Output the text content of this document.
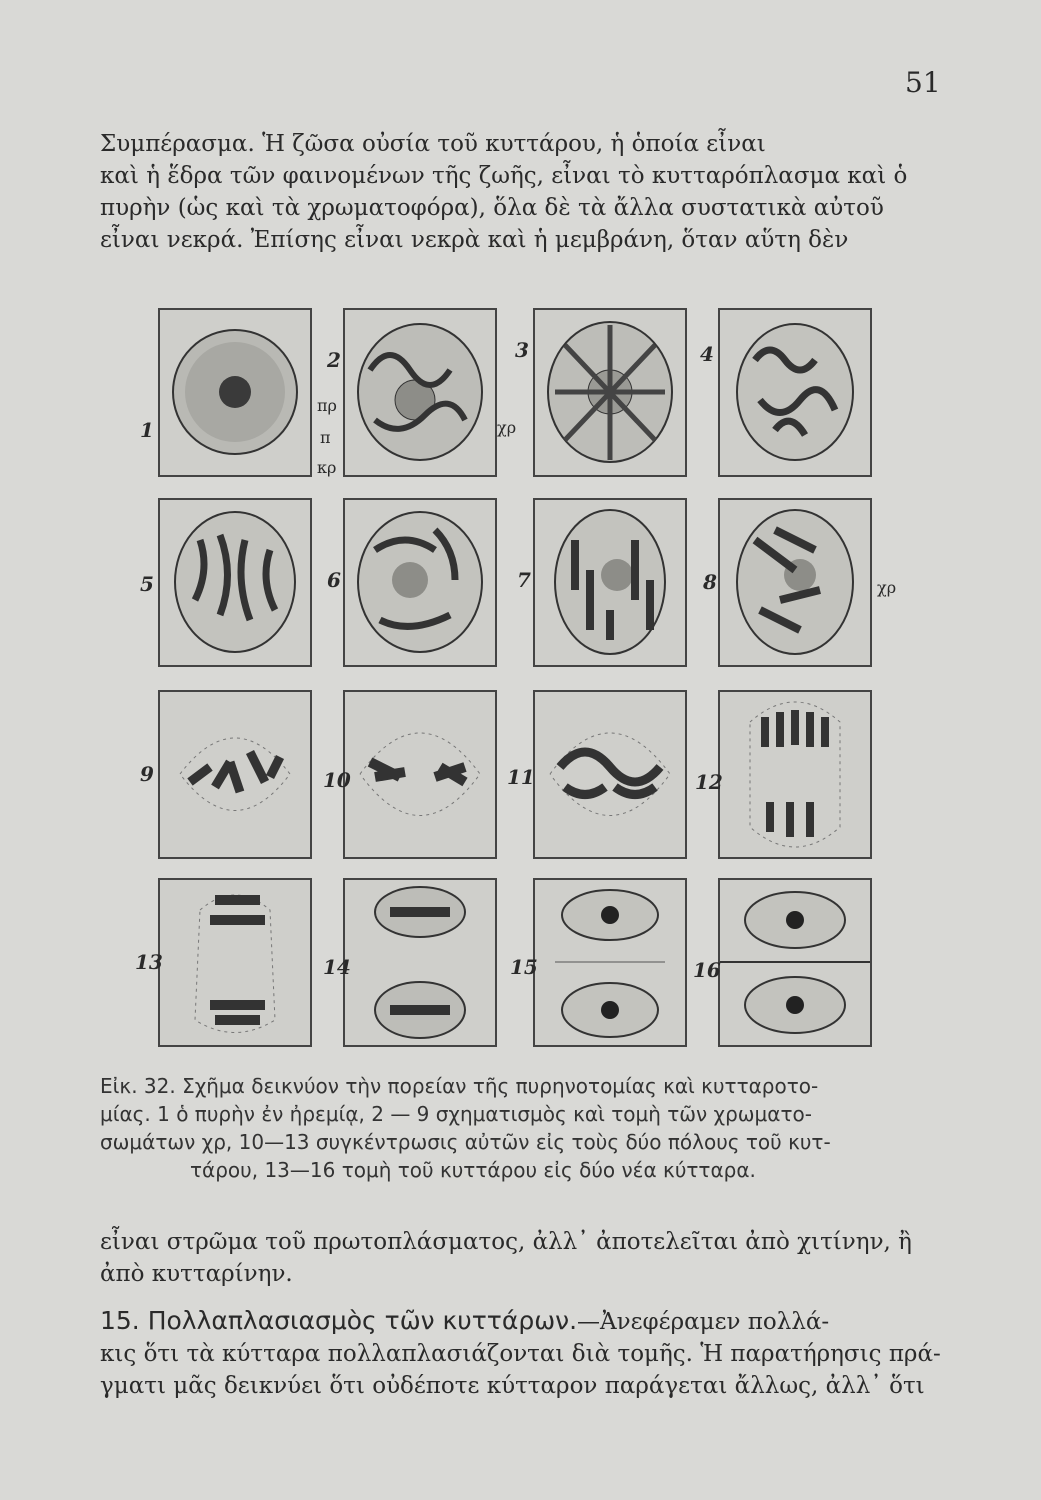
51
Συμπέρασμα. Ἡ ζῶσα οὐσία τοῦ κυττάρου, ἡ ὁποία εἶναι
καὶ ἡ ἕδρα τῶν φαινομένων τῆς ζωῆς, εἶναι τὸ κυτταρόπλασμα καὶ ὁ
πυρὴν (ὡς καὶ τὰ χρωματοφόρα), ὅλα δὲ τὰ ἄλλα συστατικὰ αὐτοῦ
εἶναι νεκρά. Ἐπίσης εἶναι νεκρὰ καὶ ἡ μεμβράνη, ὅταν αὕτη δὲν
1
2	3	4
5	6	7	8
9	10	11	12
13	14	15	16
πρ
π
κρ
χρ
χρ
Εἰκ. 32. Σχῆμα δεικνύον τὴν πορείαν τῆς πυρηνοτομίας καὶ κυτταροτο-
μίας. 1 ὁ πυρὴν ἐν ἠρεμίᾳ, 2 — 9 σχηματισμὸς καὶ τομὴ τῶν χρωματο-
σωμάτων χρ, 10—13 συγκέντρωσις αὐτῶν εἰς τοὺς δύο πόλους τοῦ κυτ-
τάρου, 13—16 τομὴ τοῦ κυττάρου εἰς δύο νέα κύτταρα.
εἶναι στρῶμα τοῦ πρωτοπλάσματος, ἀλλ᾽ ἀποτελεῖται ἀπὸ χιτίνην, ἢ
ἀπὸ κυτταρίνην.
15. Πολλαπλασιασμὸς τῶν κυττάρων.—Ἀνεφέραμεν πολλά-
κις ὅτι τὰ κύτταρα πολλαπλασιάζονται διὰ τομῆς. Ἡ παρατήρησις πρά-
γματι μᾶς δεικνύει ὅτι οὐδέποτε κύτταρον παράγεται ἄλλως, ἀλλ᾽ ὅτι
